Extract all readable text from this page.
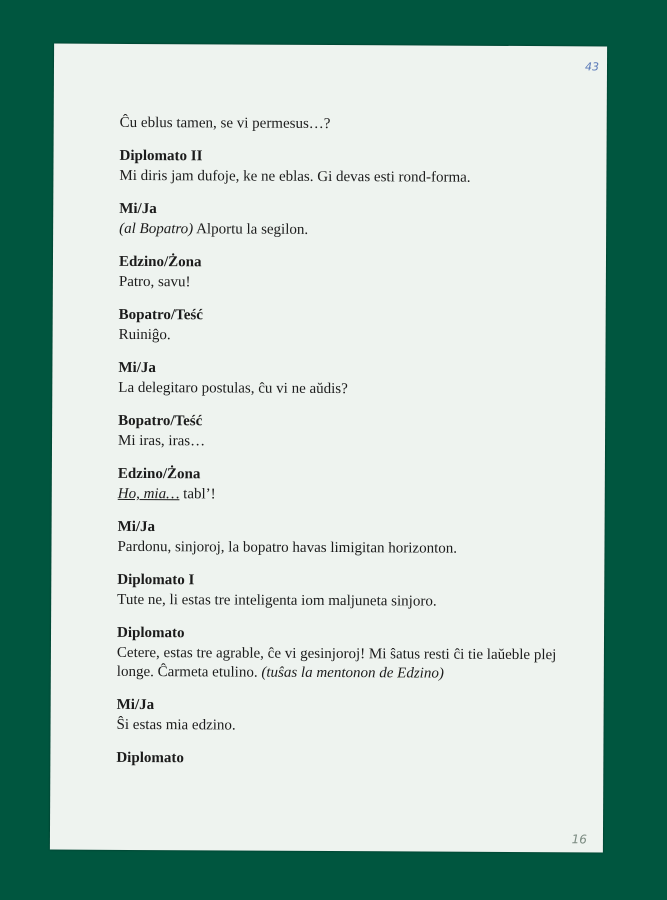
43

Ĉu eblus tamen, se vi permesus…?

Diplomato II

Mi diris jam dufoje, ke ne eblas. Gi devas esti rond-forma.

Mi/Ja

(al Bopatro) Alportu la segilon.

Edzino/Żona

Patro, savu!

Bopatro/Teść

Ruiniĝo.

Mi/Ja

La delegitaro postulas, ĉu vi ne aŭdis?

Bopatro/Teść

Mi iras, iras…

Edzino/Żona

Ho, mia… tabl’!

Mi/Ja

Pardonu, sinjoroj, la bopatro havas limigitan horizonton.

Diplomato I

Tute ne, li estas tre inteligenta iom maljuneta sinjoro.

Diplomato

Cetere, estas tre agrable, ĉe vi gesinjoroj! Mi ŝatus resti ĉi tie laŭeble plej longe. Ĉarmeta etulino. (tuŝas la mentonon de Edzino)

Mi/Ja

Ŝi estas mia edzino.

Diplomato
16
